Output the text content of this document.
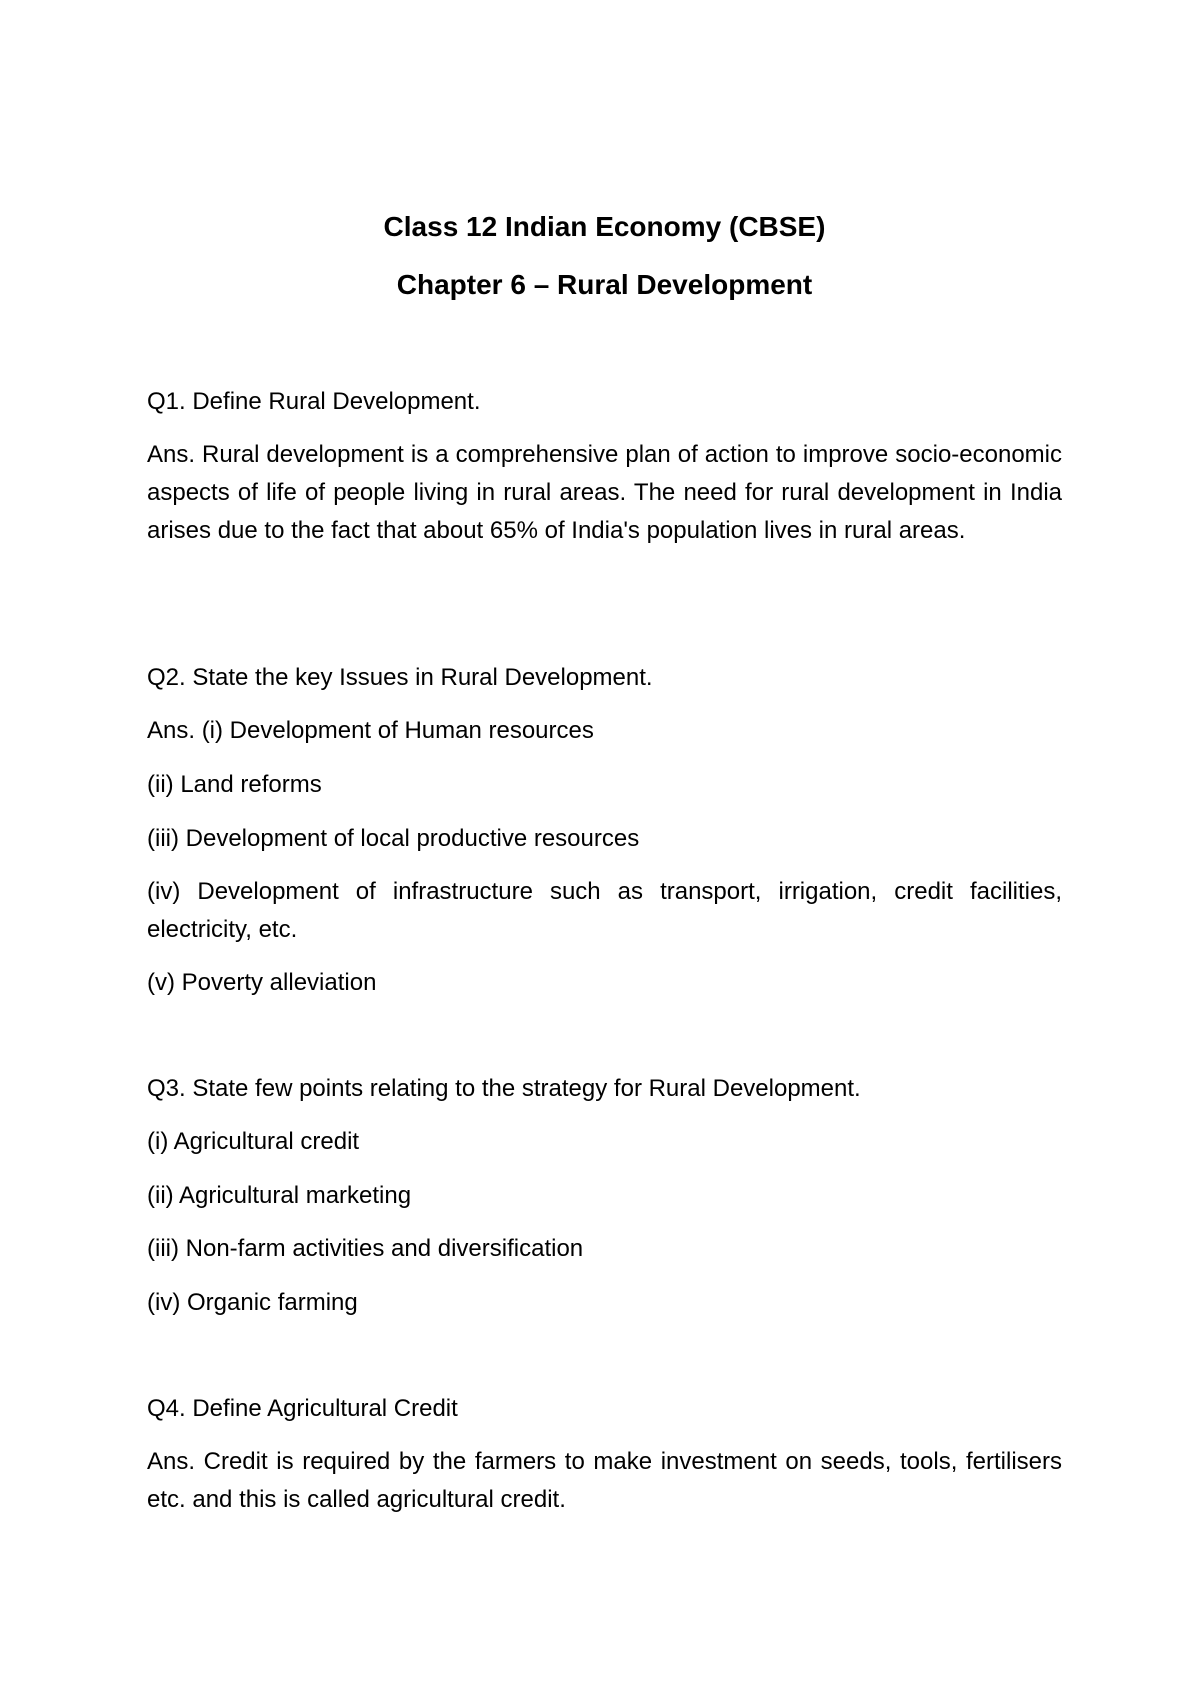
Class 12 Indian Economy (CBSE)
Chapter 6 – Rural Development

Q1. Define Rural Development.

Ans. Rural development is a comprehensive plan of action to improve socio-economic aspects of life of people living in rural areas. The need for rural development in India arises due to the fact that about 65% of India's population lives in rural areas.

Q2. State the key Issues in Rural Development.

Ans. (i) Development of Human resources

(ii) Land reforms

(iii) Development of local productive resources

(iv) Development of infrastructure such as transport, irrigation, credit facilities, electricity, etc.

(v) Poverty alleviation

Q3. State few points relating to the strategy for Rural Development.

(i) Agricultural credit

(ii) Agricultural marketing

(iii) Non-farm activities and diversification

(iv) Organic farming

Q4. Define Agricultural Credit

Ans. Credit is required by the farmers to make investment on seeds, tools, fertilisers etc. and this is called agricultural credit.
